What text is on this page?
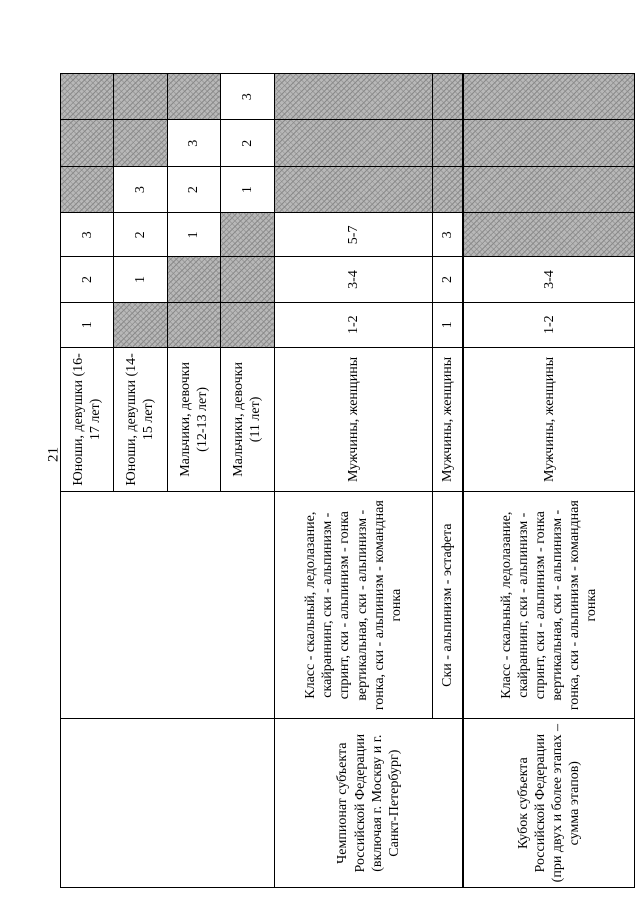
21
		Юноши, девушки (16-17 лет)	1	2	3			
		Юноши, девушки (14-15 лет)		1	2	3		
		Мальчики, девочки (12-13 лет)			1	2	3	
		Мальчики, девочки (11 лет)				1	2	3
Чемпионат субъекта Российской Федерации (включая г. Москву и г. Санкт-Петербург)	Класс - скальный, ледолазание, скайраннинг, ски - альпинизм - спринт, ски - альпинизм - гонка вертикальная, ски - альпинизм - гонка, ски - альпинизм - командная гонка	Мужчины, женщины	1-2	3-4	5-7			
	Ски - альпинизм - эстафета	Мужчины, женщины	1	2	3			
Кубок субъекта Российской Федерации (при двух и более этапах – сумма этапов)	Класс - скальный, ледолазание, скайраннинг, ски - альпинизм - спринт, ски - альпинизм - гонка вертикальная, ски - альпинизм - гонка, ски - альпинизм - командная гонка	Мужчины, женщины	1-2	3-4				
